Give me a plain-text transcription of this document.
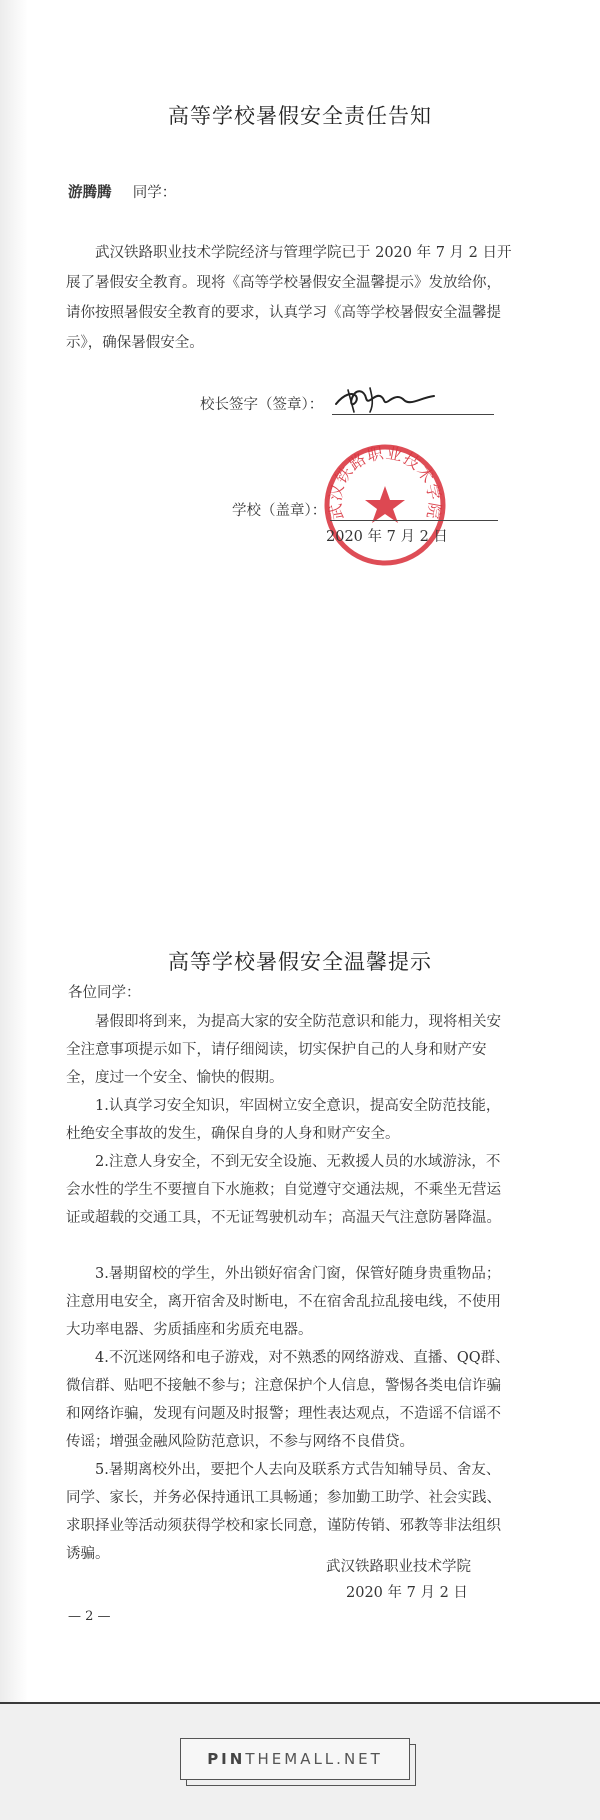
高等学校暑假安全责任告知
游腾腾 同学：

武汉铁路职业技术学院经济与管理学院已于 2020 年 7 月 2 日开展了暑假安全教育。现将《高等学校暑假安全温馨提示》发放给你，请你按照暑假安全教育的要求，认真学习《高等学校暑假安全温馨提示》，确保暑假安全。

校长签字（签章）：
武汉铁路职业技术学院
学校（盖章）：
2020 年 7 月 2 日
高等学校暑假安全温馨提示
各位同学：

暑假即将到来，为提高大家的安全防范意识和能力，现将相关安全注意事项提示如下，请仔细阅读，切实保护自己的人身和财产安全，度过一个安全、愉快的假期。

1.认真学习安全知识，牢固树立安全意识，提高安全防范技能，杜绝安全事故的发生，确保自身的人身和财产安全。

2.注意人身安全，不到无安全设施、无救援人员的水域游泳，不会水性的学生不要擅自下水施救；自觉遵守交通法规，不乘坐无营运证或超载的交通工具，不无证驾驶机动车；高温天气注意防暑降温。

3.暑期留校的学生，外出锁好宿舍门窗，保管好随身贵重物品；注意用电安全，离开宿舍及时断电，不在宿舍乱拉乱接电线，不使用大功率电器、劣质插座和劣质充电器。

4.不沉迷网络和电子游戏，对不熟悉的网络游戏、直播、QQ群、微信群、贴吧不接触不参与；注意保护个人信息，警惕各类电信诈骗和网络诈骗，发现有问题及时报警；理性表达观点，不造谣不信谣不传谣；增强金融风险防范意识，不参与网络不良借贷。

5.暑期离校外出，要把个人去向及联系方式告知辅导员、舍友、同学、家长，并务必保持通讯工具畅通；参加勤工助学、社会实践、求职择业等活动须获得学校和家长同意，谨防传销、邪教等非法组织诱骗。

武汉铁路职业技术学院
2020 年 7 月 2 日
— 2 —
PIN THEMALL .NET
